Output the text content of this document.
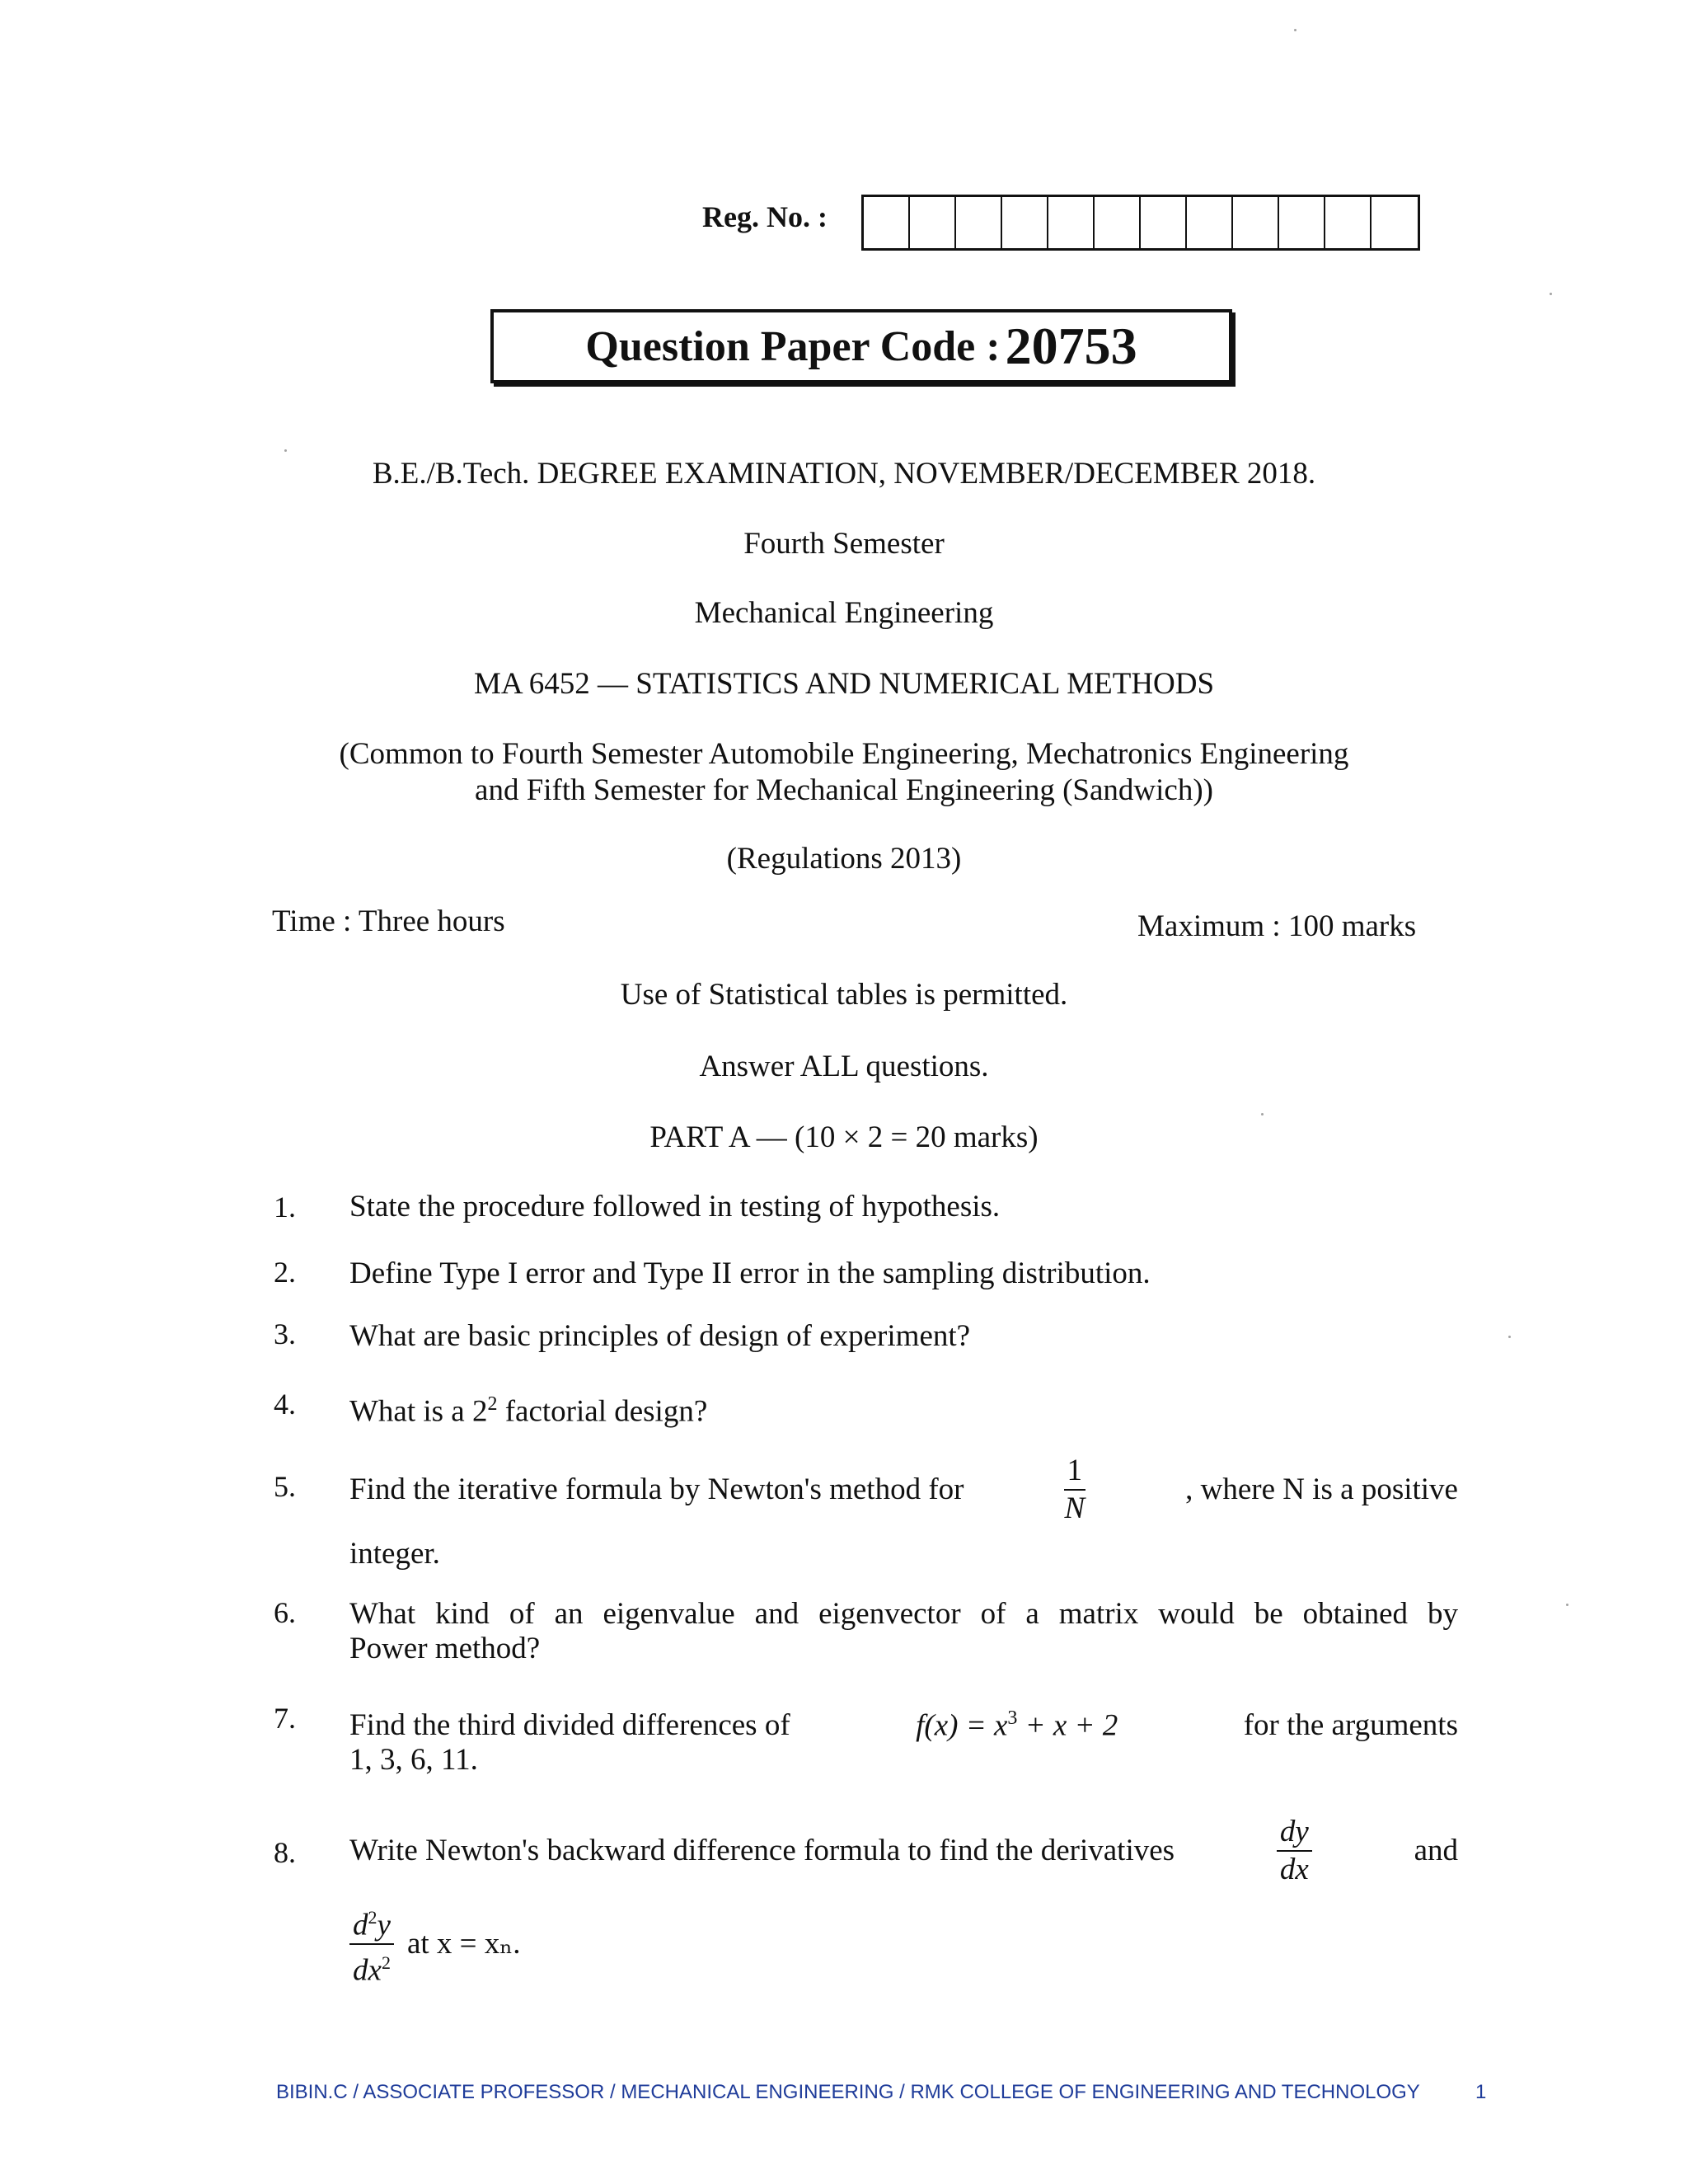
Reg. No. :
Question Paper Code : 20753
B.E./B.Tech. DEGREE EXAMINATION, NOVEMBER/DECEMBER 2018.
Fourth Semester
Mechanical Engineering
MA 6452 — STATISTICS AND NUMERICAL METHODS
(Common to Fourth Semester Automobile Engineering, Mechatronics Engineering
and Fifth Semester for Mechanical Engineering (Sandwich))
(Regulations 2013)
Time : Three hours	Maximum : 100 marks
Use of Statistical tables is permitted.
Answer ALL questions.
PART A — (10 × 2 = 20 marks)
1. State the procedure followed in testing of hypothesis.
2. Define Type I error and Type II error in the sampling distribution.
3. What are basic principles of design of experiment?
4. What is a $2^2$ factorial design?
5. Find the iterative formula by Newton's method for	$\frac{1}{N}$	, where N is a positive
integer.
6. What kind of an eigenvalue and eigenvector of a matrix would be obtained by
Power method?
7. Find the third divided differences of	$f(x) = x^3 + x + 2$	for the arguments
1, 3, 6, 11.
8. Write Newton's backward difference formula to find the derivatives	$\frac{dy}{dx}$	and
$\frac{d^2y}{dx^2}$ at x = xₙ.
BIBIN.C / ASSOCIATE PROFESSOR / MECHANICAL ENGINEERING / RMK COLLEGE OF ENGINEERING AND TECHNOLOGY	1
